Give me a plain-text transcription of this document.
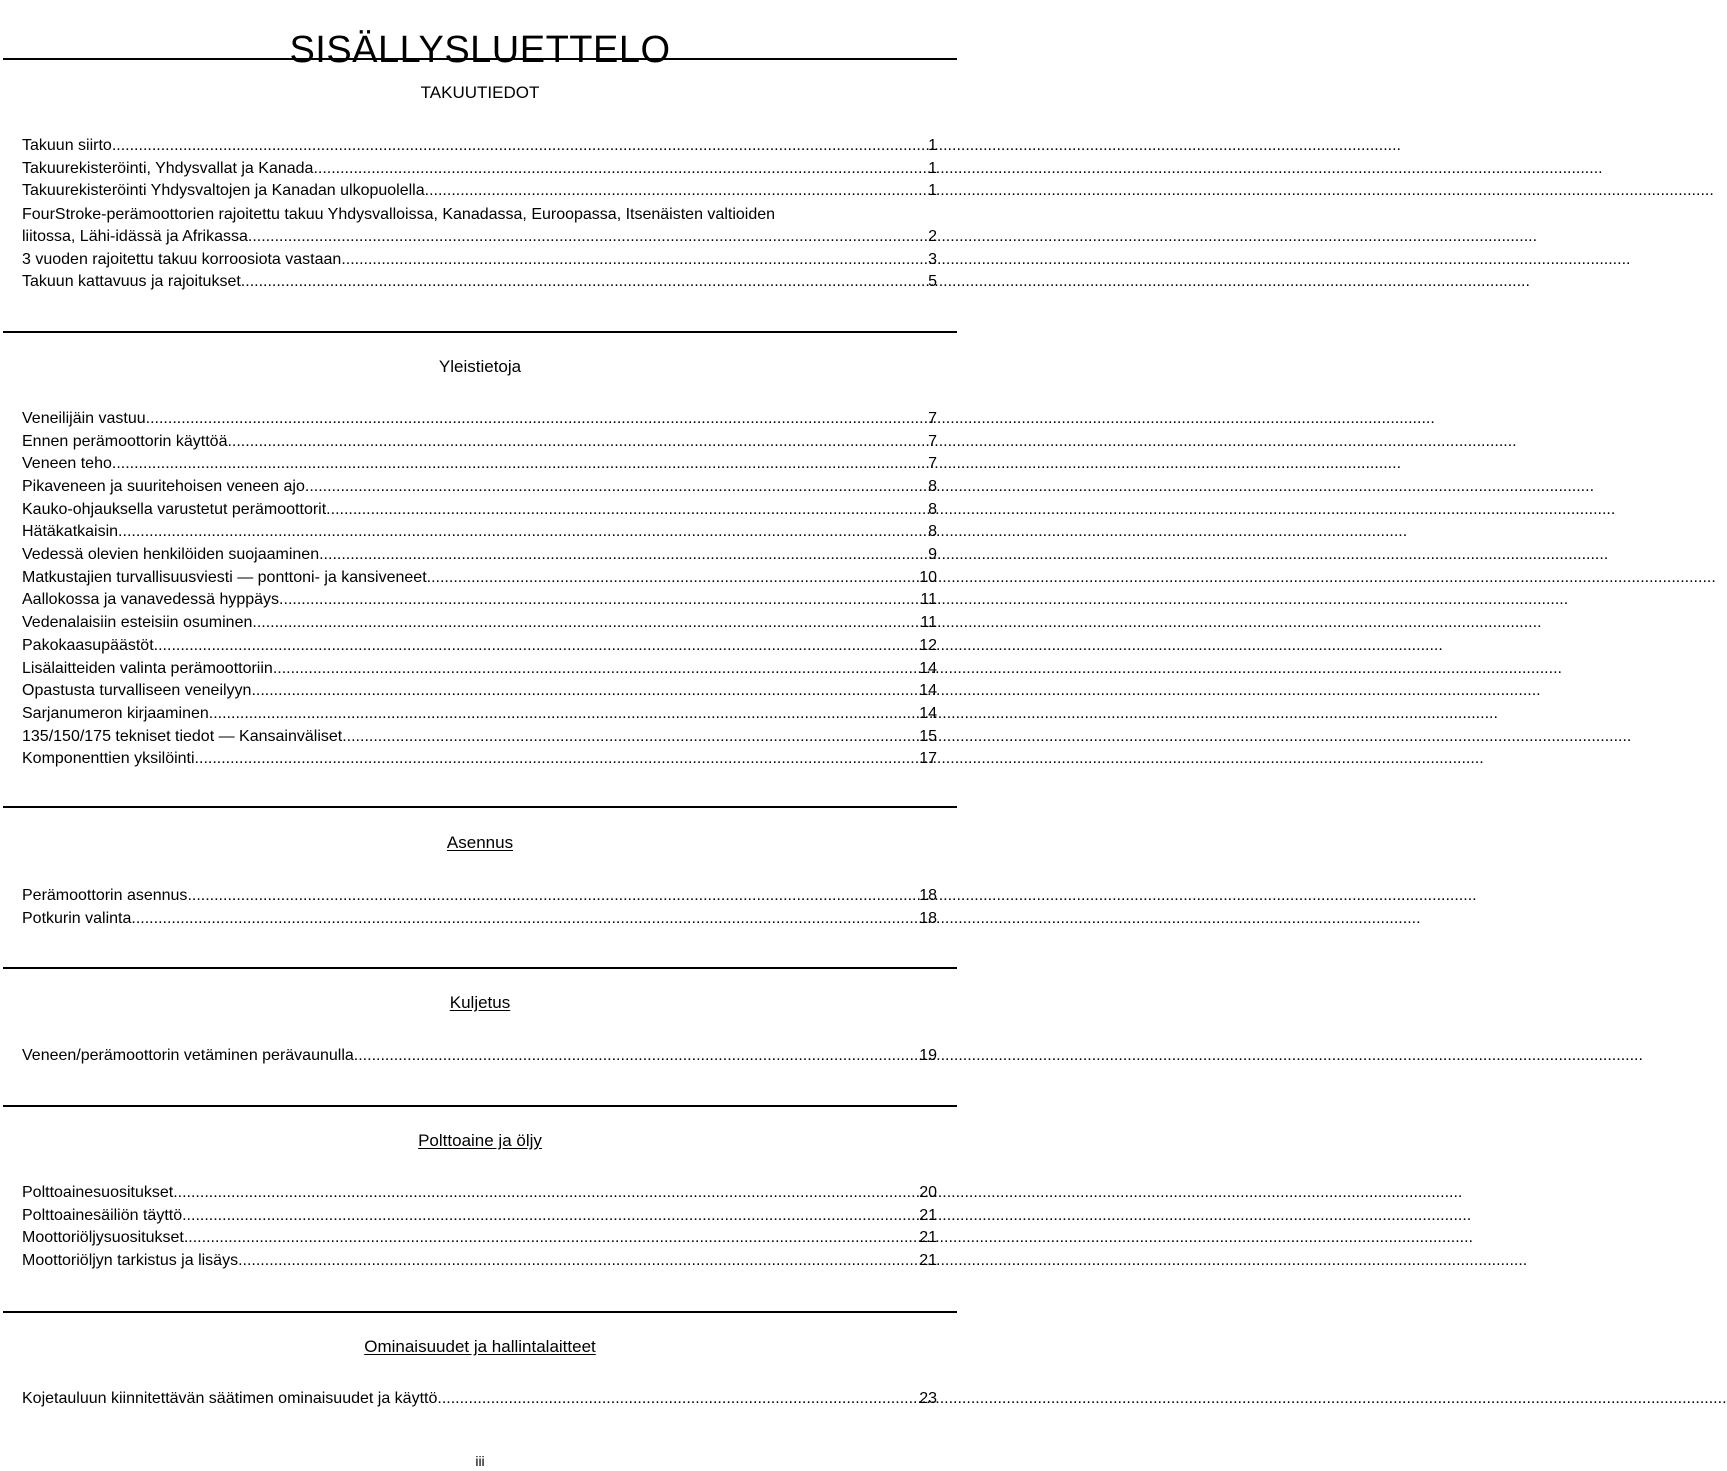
SISÄLLYSLUETTELO
TAKUUTIEDOT
Takuun siirto .....	1
Takuurekisteröinti, Yhdysvallat ja Kanada .....	1
Takuurekisteröinti Yhdysvaltojen ja Kanadan ulkopuolella .....	1
FourStroke-perämoottorien rajoitettu takuu Yhdysvalloissa, Kanadassa, Euroopassa, Itsenäisten valtioiden
liitossa, Lähi-idässä ja Afrikassa .....	2
3 vuoden rajoitettu takuu korroosiota vastaan .....	3
Takuun kattavuus ja rajoitukset .....	5
Yleistietoja
Veneilijäin vastuu .....	7
Ennen perämoottorin käyttöä .....	7
Veneen teho .....	7
Pikaveneen ja suuritehoisen veneen ajo .....	8
Kauko-ohjauksella varustetut perämoottorit .....	8
Hätäkatkaisin .....	8
Vedessä olevien henkilöiden suojaaminen .....	9
Matkustajien turvallisuusviesti — ponttoni- ja kansiveneet .....	10
Aallokossa ja vanavedessä hyppäys .....	11
Vedenalaisiin esteisiin osuminen .....	11
Pakokaasupäästöt .....	12
Lisälaitteiden valinta perämoottoriin .....	14
Opastusta turvalliseen veneilyyn .....	14
Sarjanumeron kirjaaminen .....	14
135/150/175 tekniset tiedot — Kansainväliset .....	15
Komponenttien yksilöinti .....	17
Asennus
Perämoottorin asennus .....	18
Potkurin valinta .....	18
Kuljetus
Veneen/perämoottorin vetäminen perävaunulla .....	19
Polttoaine ja öljy
Polttoainesuositukset .....	20
Polttoainesäiliön täyttö .....	21
Moottoriöljysuositukset .....	21
Moottoriöljyn tarkistus ja lisäys .....	21
Ominaisuudet ja hallintalaitteet
Kojetauluun kiinnitettävän säätimen ominaisuudet ja käyttö .....	23
iii
